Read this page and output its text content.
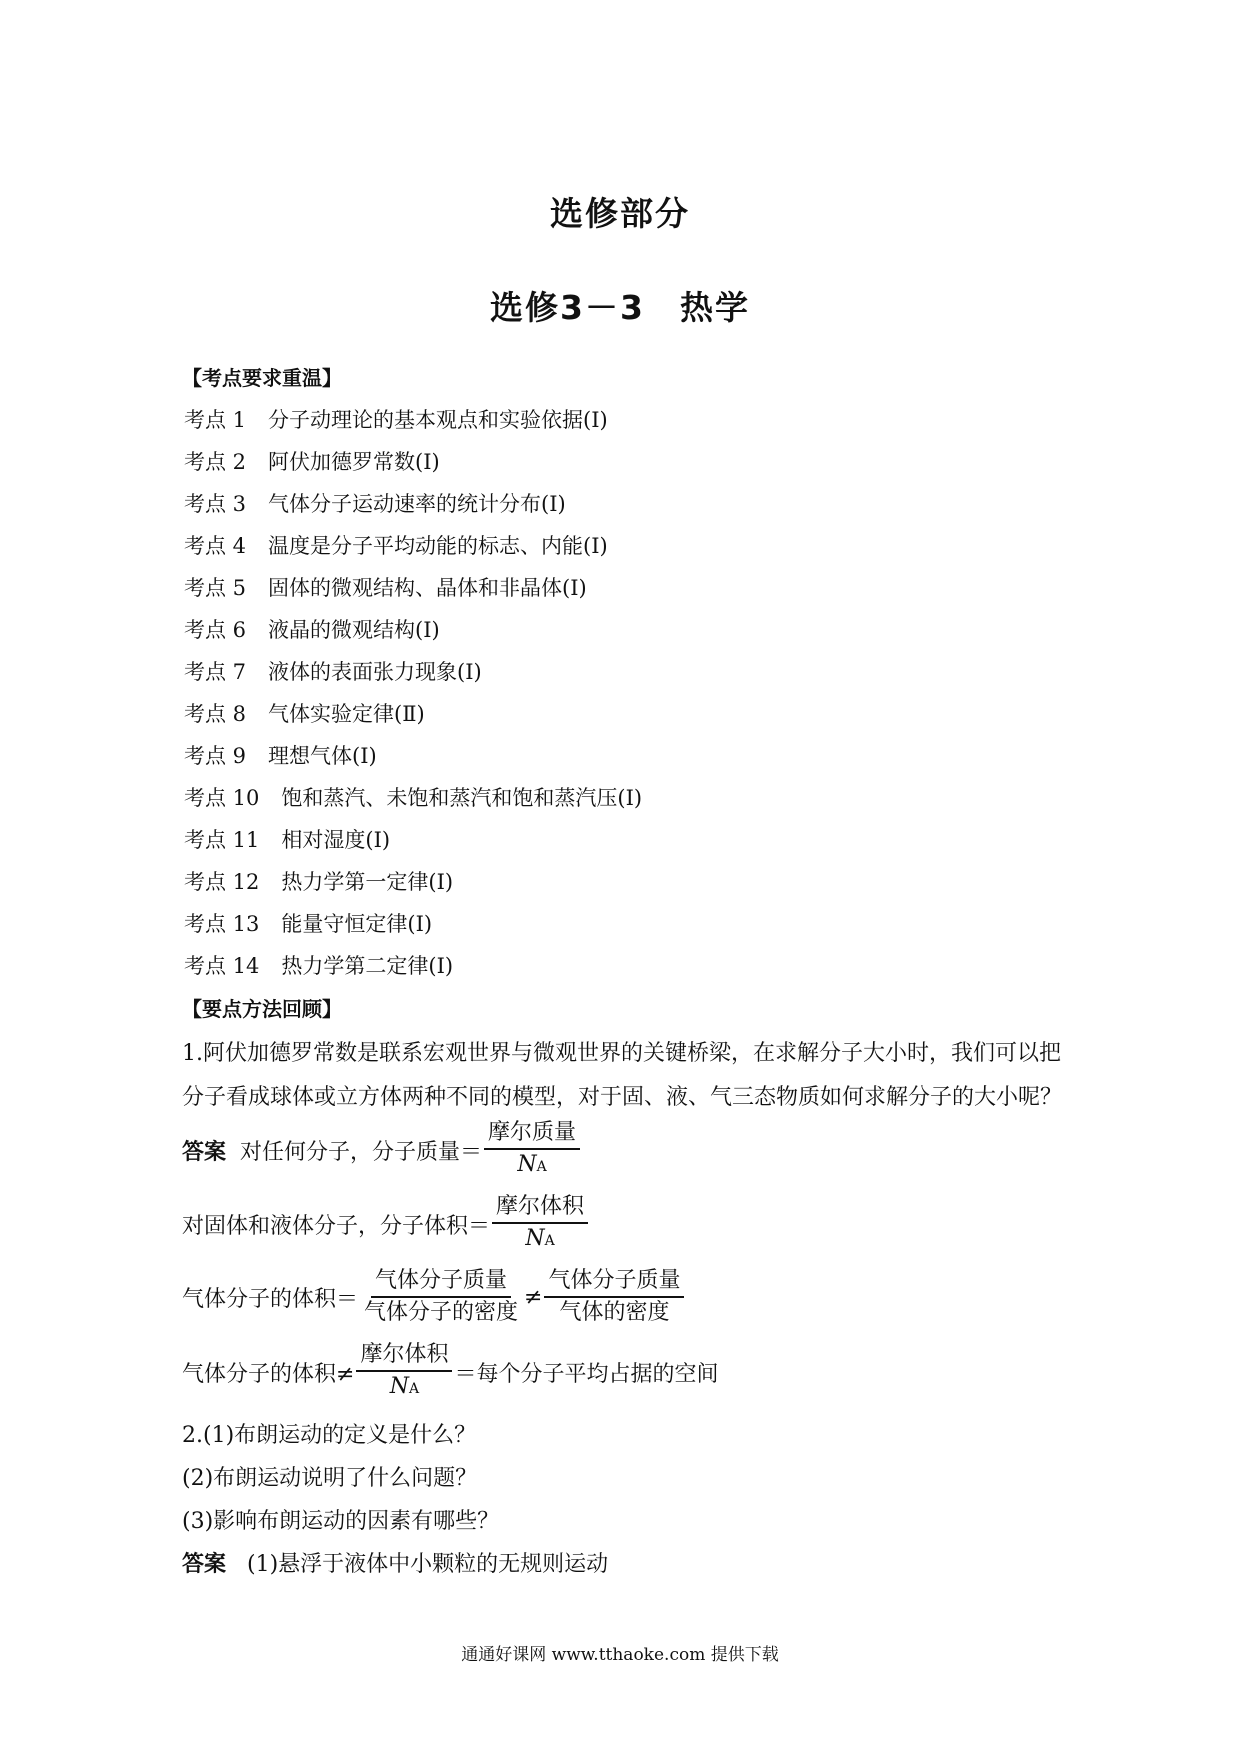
选修部分
选修3－3　热学
【考点要求重温】
考点 1 分子动理论的基本观点和实验依据(Ⅰ)
考点 2 阿伏加德罗常数(Ⅰ)
考点 3 气体分子运动速率的统计分布(Ⅰ)
考点 4 温度是分子平均动能的标志、内能(Ⅰ)
考点 5 固体的微观结构、晶体和非晶体(Ⅰ)
考点 6 液晶的微观结构(Ⅰ)
考点 7 液体的表面张力现象(Ⅰ)
考点 8 气体实验定律(Ⅱ)
考点 9 理想气体(Ⅰ)
考点 10 饱和蒸汽、未饱和蒸汽和饱和蒸汽压(Ⅰ)
考点 11 相对湿度(Ⅰ)
考点 12 热力学第一定律(Ⅰ)
考点 13 能量守恒定律(Ⅰ)
考点 14 热力学第二定律(Ⅰ)
【要点方法回顾】
1.阿伏加德罗常数是联系宏观世界与微观世界的关键桥梁，在求解分子大小时，我们可以把
分子看成球体或立方体两种不同的模型，对于固、液、气三态物质如何求解分子的大小呢？
答案 对任何分子，分子质量＝ $\frac{\text{摩尔质量}}{NA}$
对固体和液体分子，分子体积＝ $\frac{\text{摩尔体积}}{NA}$
气体分子的体积＝ $\frac{\text{气体分子质量}}{\text{气体分子的密度}} \ne \frac{\text{气体分子质量}}{\text{气体的密度}}$
气体分子的体积≠ $\frac{\text{摩尔体积}}{NA}$ ＝每个分子平均占据的空间
2.(1)布朗运动的定义是什么？
(2)布朗运动说明了什么问题？
(3)影响布朗运动的因素有哪些？
答案 (1)悬浮于液体中小颗粒的无规则运动
通通好课网 www.tthaoke.com 提供下载
